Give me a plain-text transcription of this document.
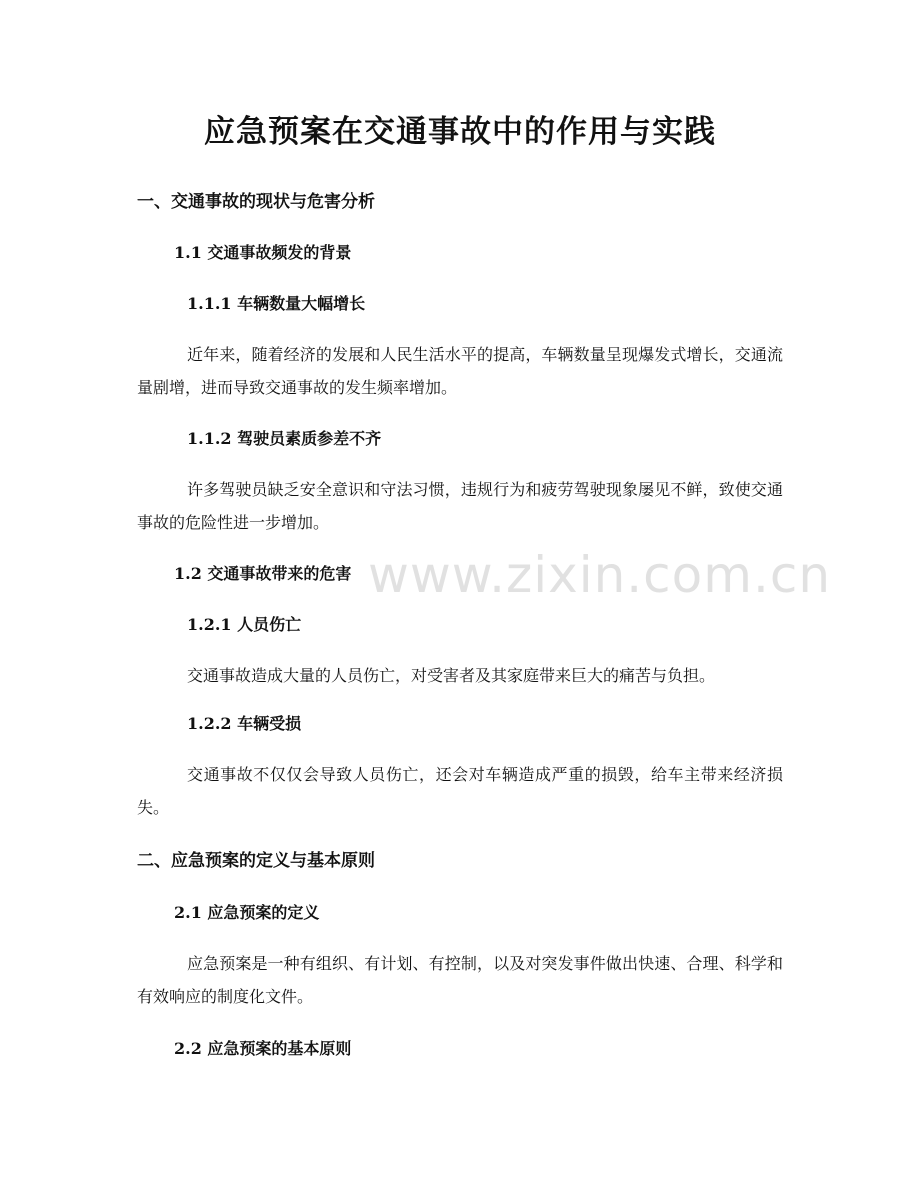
应急预案在交通事故中的作用与实践
一、交通事故的现状与危害分析
1.1 交通事故频发的背景
1.1.1 车辆数量大幅增长

近年来，随着经济的发展和人民生活水平的提高，车辆数量呈现爆发式增长，交通流量剧增，进而导致交通事故的发生频率增加。

1.1.2 驾驶员素质参差不齐

许多驾驶员缺乏安全意识和守法习惯，违规行为和疲劳驾驶现象屡见不鲜，致使交通事故的危险性进一步增加。

1.2 交通事故带来的危害
1.2.1 人员伤亡

交通事故造成大量的人员伤亡，对受害者及其家庭带来巨大的痛苦与负担。

1.2.2 车辆受损

交通事故不仅仅会导致人员伤亡，还会对车辆造成严重的损毁，给车主带来经济损失。

二、应急预案的定义与基本原则
2.1 应急预案的定义

应急预案是一种有组织、有计划、有控制，以及对突发事件做出快速、合理、科学和有效响应的制度化文件。

2.2 应急预案的基本原则
www.zixin.com.cn
